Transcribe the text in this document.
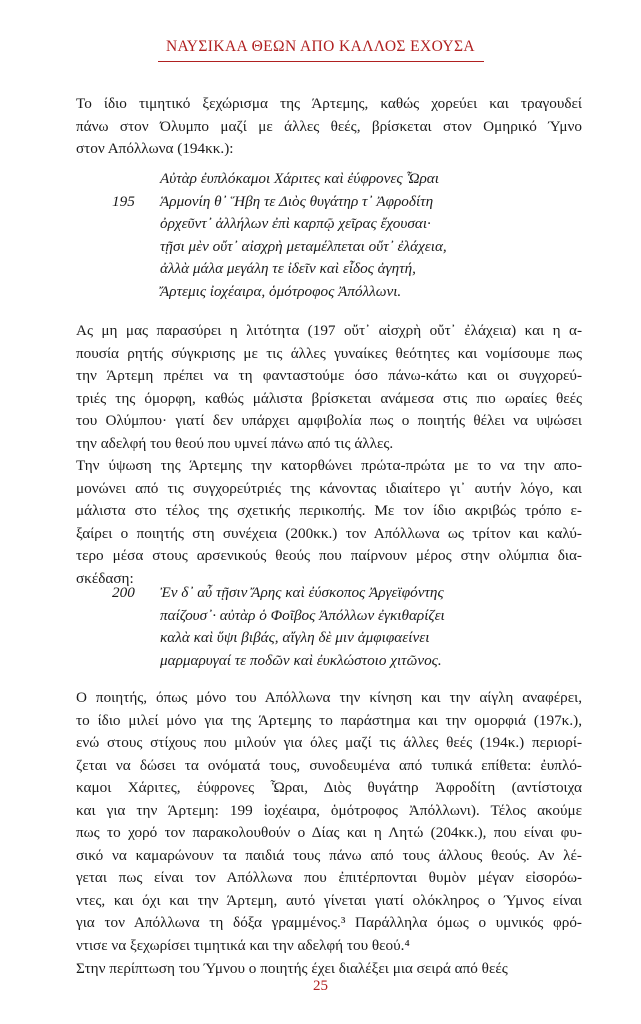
ΝΑΥΣΙΚΑΑ ΘΕΩΝ ΑΠΟ ΚΑΛΛΟΣ ΕΧΟΥΣΑ

Το ίδιο τιμητικό ξεχώρισμα της Άρτεμης, καθώς χορεύει και τραγουδεί
πάνω στον Όλυμπο μαζί με άλλες θεές, βρίσκεται στον Ομηρικό Ύμνο
στον Απόλλωνα (194κκ.):

Αὐτὰρ ἐυπλόκαμοι Χάριτες καὶ ἐύφρονες Ὧραι
195 Ἁρμονίη θ᾽ Ἥβη τε Διὸς θυγάτηρ τ᾽ Ἀφροδίτη
ὀρχεῦντ᾽ ἀλλήλων ἐπὶ καρπῷ χεῖρας ἔχουσαι·
τῇσι μὲν οὔτ᾽ αἰσχρὴ μεταμέλπεται οὔτ᾽ ἐλάχεια,
ἀλλὰ μάλα μεγάλη τε ἰδεῖν καὶ εἶδος ἀγητή,
Ἄρτεμις ἰοχέαιρα, ὁμότροφος Ἀπόλλωνι.

Ας μη μας παρασύρει η λιτότητα (197 οὔτ᾽ αἰσχρὴ οὔτ᾽ ἐλάχεια) και η α-
πουσία ρητής σύγκρισης με τις άλλες γυναίκες θεότητες και νομίσουμε πως
την Άρτεμη πρέπει να τη φανταστούμε όσο πάνω-κάτω και οι συγχορεύ-
τριές της όμορφη, καθώς μάλιστα βρίσκεται ανάμεσα στις πιο ωραίες θεές
του Ολύμπου· γιατί δεν υπάρχει αμφιβολία πως ο ποιητής θέλει να υψώσει
την αδελφή του θεού που υμνεί πάνω από τις άλλες.

Την ύψωση της Άρτεμης την κατορθώνει πρώτα-πρώτα με το να την απο-
μονώνει από τις συγχορεύτριές της κάνοντας ιδιαίτερο γι᾽ αυτήν λόγο, και
μάλιστα στο τέλος της σχετικής περικοπής. Με τον ίδιο ακριβώς τρόπο ε-
ξαίρει ο ποιητής στη συνέχεια (200κκ.) τον Απόλλωνα ως τρίτον και καλύ-
τερο μέσα στους αρσενικούς θεούς που παίρνουν μέρος στην ολύμπια δια-
σκέδαση:

200 Ἐν δ᾽ αὖ τῇσιν Ἄρης καὶ ἐύσκοπος Ἀργεϊφόντης
παίζουσ᾽· αὐτὰρ ὁ Φοῖβος Ἀπόλλων ἐγκιθαρίζει
καλὰ καὶ ὕψι βιβάς, αἴγλη δὲ μιν ἀμφιφαείνει
μαρμαρυγαί τε ποδῶν καὶ ἐυκλώστοιο χιτῶνος.

Ο ποιητής, όπως μόνο του Απόλλωνα την κίνηση και την αίγλη αναφέρει,
το ίδιο μιλεί μόνο για της Άρτεμης το παράστημα και την ομορφιά (197κ.),
ενώ στους στίχους που μιλούν για όλες μαζί τις άλλες θεές (194κ.) περιορί-
ζεται να δώσει τα ονόματά τους, συνοδευμένα από τυπικά επίθετα: ἐυπλό-
καμοι Χάριτες, ἐύφρονες Ὧραι, Διὸς θυγάτηρ Ἀφροδίτη (αντίστοιχα
και για την Άρτεμη: 199 ἰοχέαιρα, ὁμότροφος Ἀπόλλωνι). Τέλος ακούμε
πως το χορό τον παρακολουθούν ο Δίας και η Λητώ (204κκ.), που είναι φυ-
σικό να καμαρώνουν τα παιδιά τους πάνω από τους άλλους θεούς. Αν λέ-
γεται πως είναι τον Απόλλωνα που ἐπιτέρπονται θυμὸν μέγαν εἰσορόω-
ντες, και όχι και την Άρτεμη, αυτό γίνεται γιατί ολόκληρος ο Ύμνος είναι
για τον Απόλλωνα τη δόξα γραμμένος.³ Παράλληλα όμως ο υμνικός φρό-
ντισε να ξεχωρίσει τιμητικά και την αδελφή του θεού.⁴

Στην περίπτωση του Ύμνου ο ποιητής έχει διαλέξει μια σειρά από θεές

25
